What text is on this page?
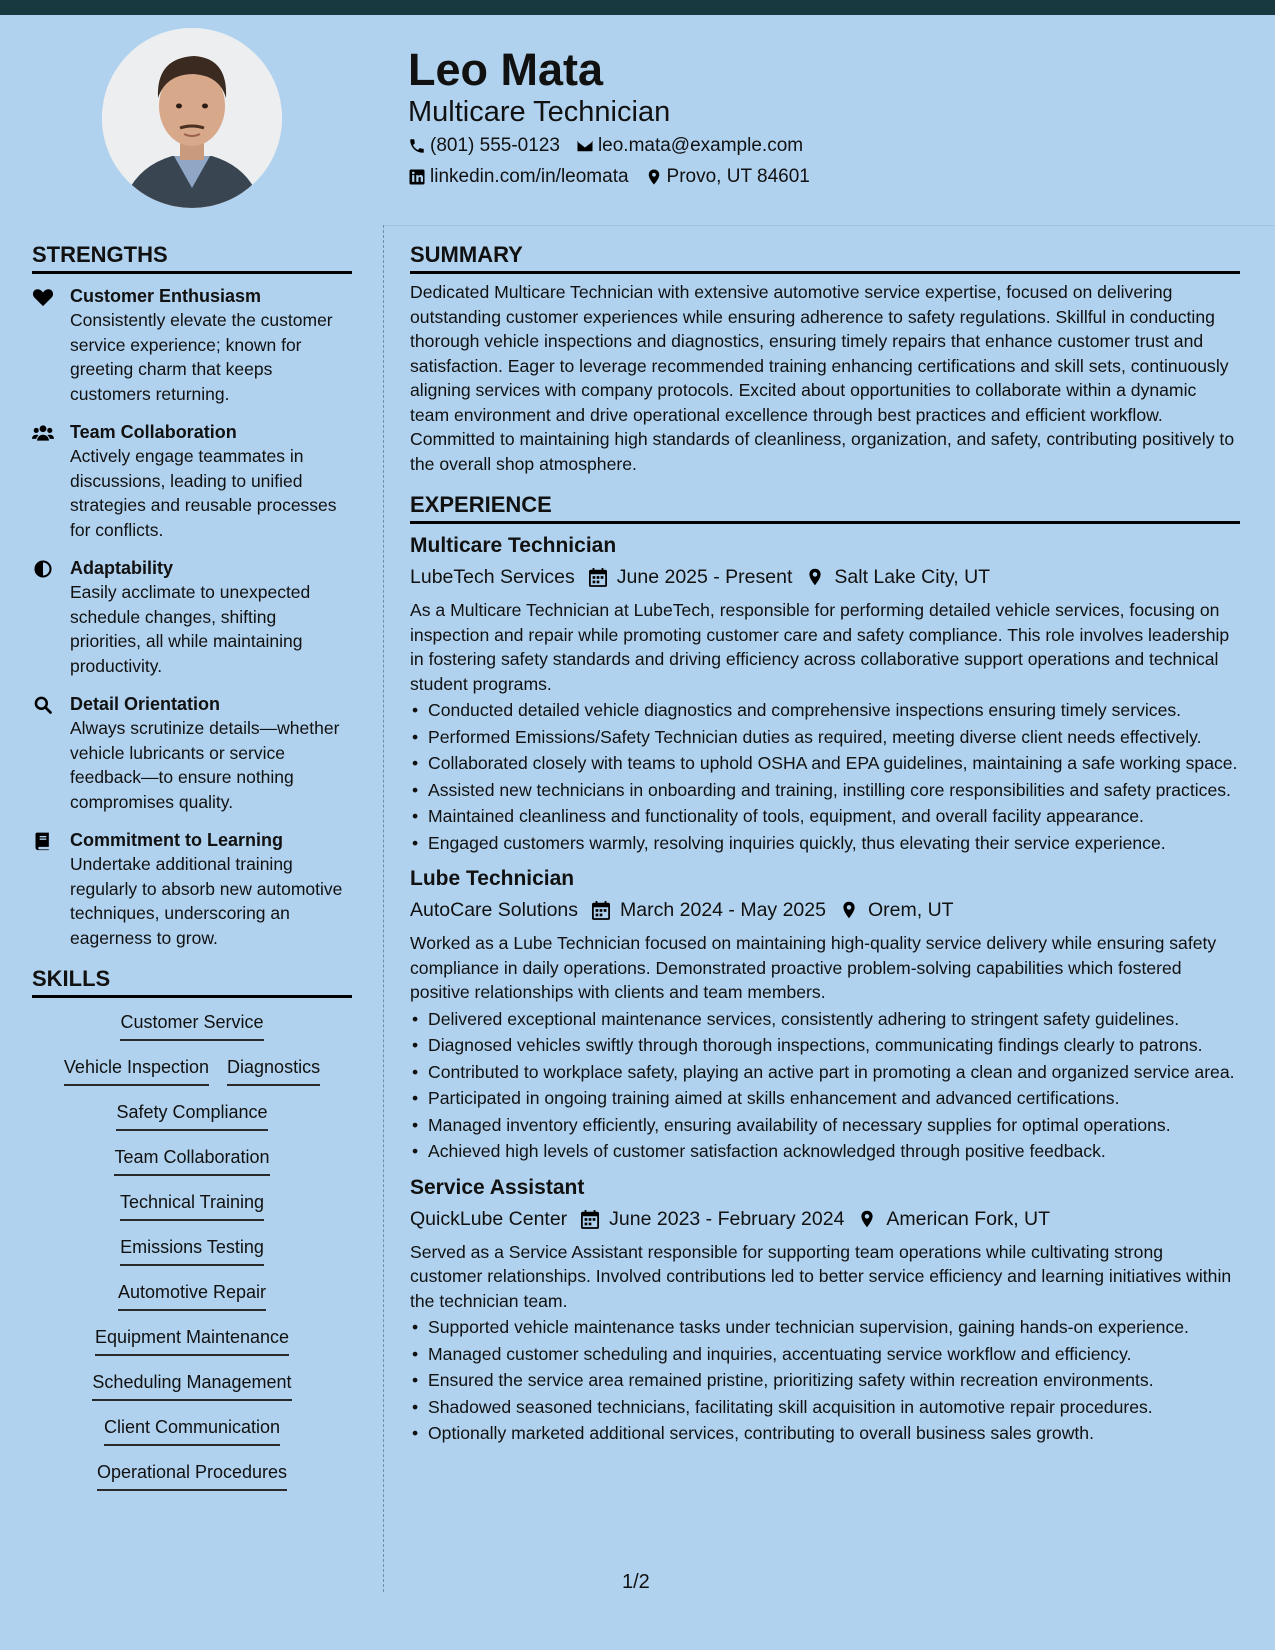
Leo Mata
Multicare Technician
(801) 555-0123 leo.mata@example.com
linkedin.com/in/leomata Provo, UT 84601
STRENGTHS
Customer Enthusiasm
Consistently elevate the customer service experience; known for greeting charm that keeps customers returning.
Team Collaboration
Actively engage teammates in discussions, leading to unified strategies and reusable processes for conflicts.
Adaptability
Easily acclimate to unexpected schedule changes, shifting priorities, all while maintaining productivity.
Detail Orientation
Always scrutinize details—whether vehicle lubricants or service feedback—to ensure nothing compromises quality.
Commitment to Learning
Undertake additional training regularly to absorb new automotive techniques, underscoring an eagerness to grow.
SKILLS
Customer Service
Vehicle Inspection Diagnostics
Safety Compliance
Team Collaboration
Technical Training
Emissions Testing
Automotive Repair
Equipment Maintenance
Scheduling Management
Client Communication
Operational Procedures
SUMMARY
Dedicated Multicare Technician with extensive automotive service expertise, focused on delivering outstanding customer experiences while ensuring adherence to safety regulations. Skillful in conducting thorough vehicle inspections and diagnostics, ensuring timely repairs that enhance customer trust and satisfaction. Eager to leverage recommended training enhancing certifications and skill sets, continuously aligning services with company protocols. Excited about opportunities to collaborate within a dynamic team environment and drive operational excellence through best practices and efficient workflow. Committed to maintaining high standards of cleanliness, organization, and safety, contributing positively to the overall shop atmosphere.
EXPERIENCE
Multicare Technician
LubeTech Services June 2025 - Present Salt Lake City, UT
As a Multicare Technician at LubeTech, responsible for performing detailed vehicle services, focusing on inspection and repair while promoting customer care and safety compliance. This role involves leadership in fostering safety standards and driving efficiency across collaborative support operations and technical student programs.
• Conducted detailed vehicle diagnostics and comprehensive inspections ensuring timely services.
• Performed Emissions/Safety Technician duties as required, meeting diverse client needs effectively.
• Collaborated closely with teams to uphold OSHA and EPA guidelines, maintaining a safe working space.
• Assisted new technicians in onboarding and training, instilling core responsibilities and safety practices.
• Maintained cleanliness and functionality of tools, equipment, and overall facility appearance.
• Engaged customers warmly, resolving inquiries quickly, thus elevating their service experience.
Lube Technician
AutoCare Solutions March 2024 - May 2025 Orem, UT
Worked as a Lube Technician focused on maintaining high-quality service delivery while ensuring safety compliance in daily operations. Demonstrated proactive problem-solving capabilities which fostered positive relationships with clients and team members.
• Delivered exceptional maintenance services, consistently adhering to stringent safety guidelines.
• Diagnosed vehicles swiftly through thorough inspections, communicating findings clearly to patrons.
• Contributed to workplace safety, playing an active part in promoting a clean and organized service area.
• Participated in ongoing training aimed at skills enhancement and advanced certifications.
• Managed inventory efficiently, ensuring availability of necessary supplies for optimal operations.
• Achieved high levels of customer satisfaction acknowledged through positive feedback.
Service Assistant
QuickLube Center June 2023 - February 2024 American Fork, UT
Served as a Service Assistant responsible for supporting team operations while cultivating strong customer relationships. Involved contributions led to better service efficiency and learning initiatives within the technician team.
• Supported vehicle maintenance tasks under technician supervision, gaining hands-on experience.
• Managed customer scheduling and inquiries, accentuating service workflow and efficiency.
• Ensured the service area remained pristine, prioritizing safety within recreation environments.
• Shadowed seasoned technicians, facilitating skill acquisition in automotive repair procedures.
• Optionally marketed additional services, contributing to overall business sales growth.
1/2
